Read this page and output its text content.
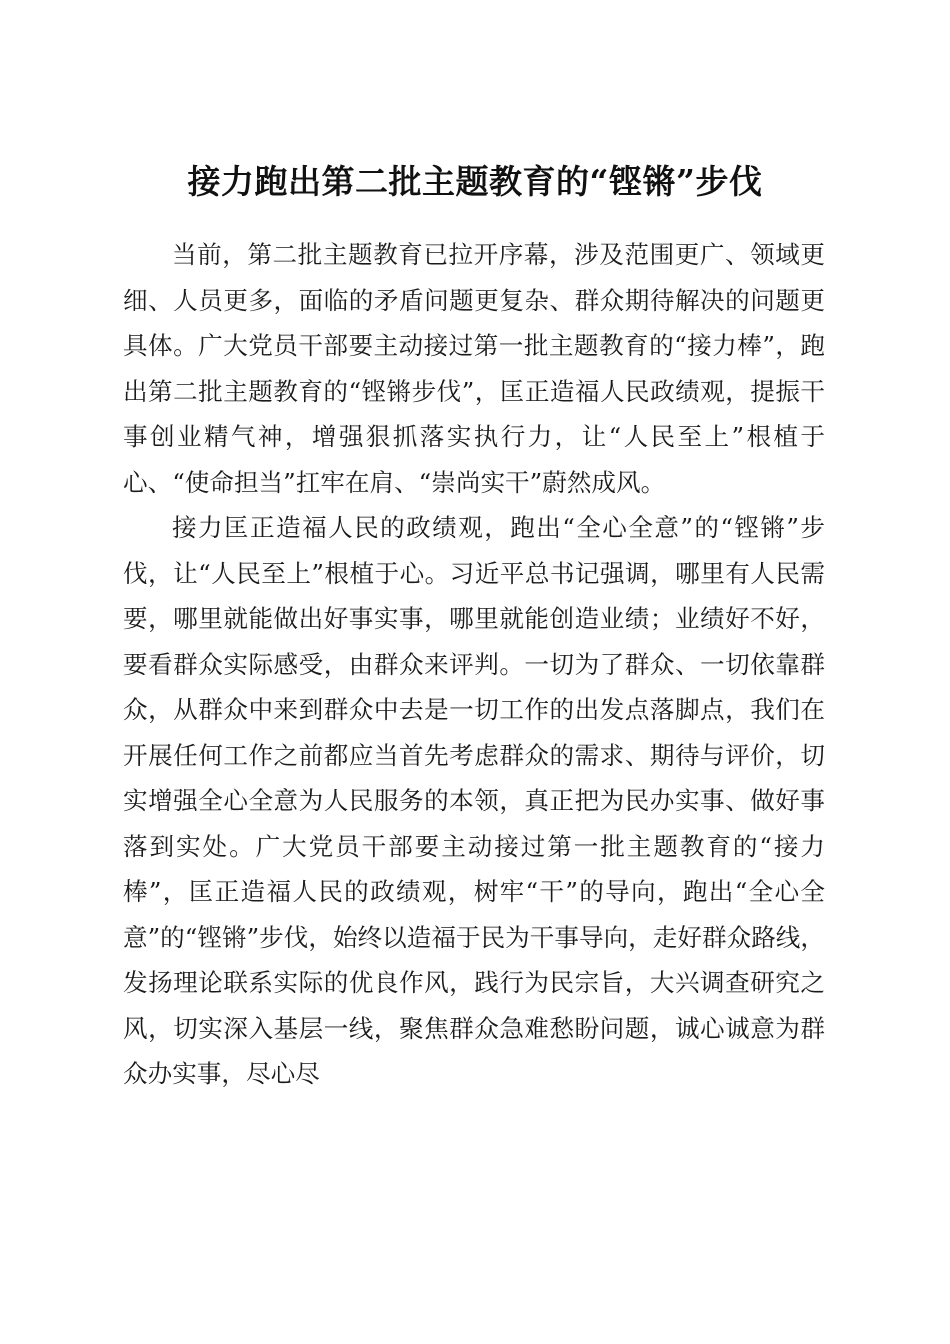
接力跑出第二批主题教育的“铿锵”步伐

当前，第二批主题教育已拉开序幕，涉及范围更广、领域更细、人员更多，面临的矛盾问题更复杂、群众期待解决的问题更具体。广大党员干部要主动接过第一批主题教育的“接力棒”，跑出第二批主题教育的“铿锵步伐”，匡正造福人民政绩观，提振干事创业精气神，增强狠抓落实执行力，让“人民至上”根植于心、“使命担当”扛牢在肩、“崇尚实干”蔚然成风。

接力匡正造福人民的政绩观，跑出“全心全意”的“铿锵”步伐，让“人民至上”根植于心。习近平总书记强调，哪里有人民需要，哪里就能做出好事实事，哪里就能创造业绩；业绩好不好，要看群众实际感受，由群众来评判。一切为了群众、一切依靠群众，从群众中来到群众中去是一切工作的出发点落脚点，我们在开展任何工作之前都应当首先考虑群众的需求、期待与评价，切实增强全心全意为人民服务的本领，真正把为民办实事、做好事落到实处。广大党员干部要主动接过第一批主题教育的“接力棒”，匡正造福人民的政绩观，树牢“干”的导向，跑出“全心全意”的“铿锵”步伐，始终以造福于民为干事导向，走好群众路线，发扬理论联系实际的优良作风，践行为民宗旨，大兴调查研究之风，切实深入基层一线，聚焦群众急难愁盼问题，诚心诚意为群众办实事，尽心尽
